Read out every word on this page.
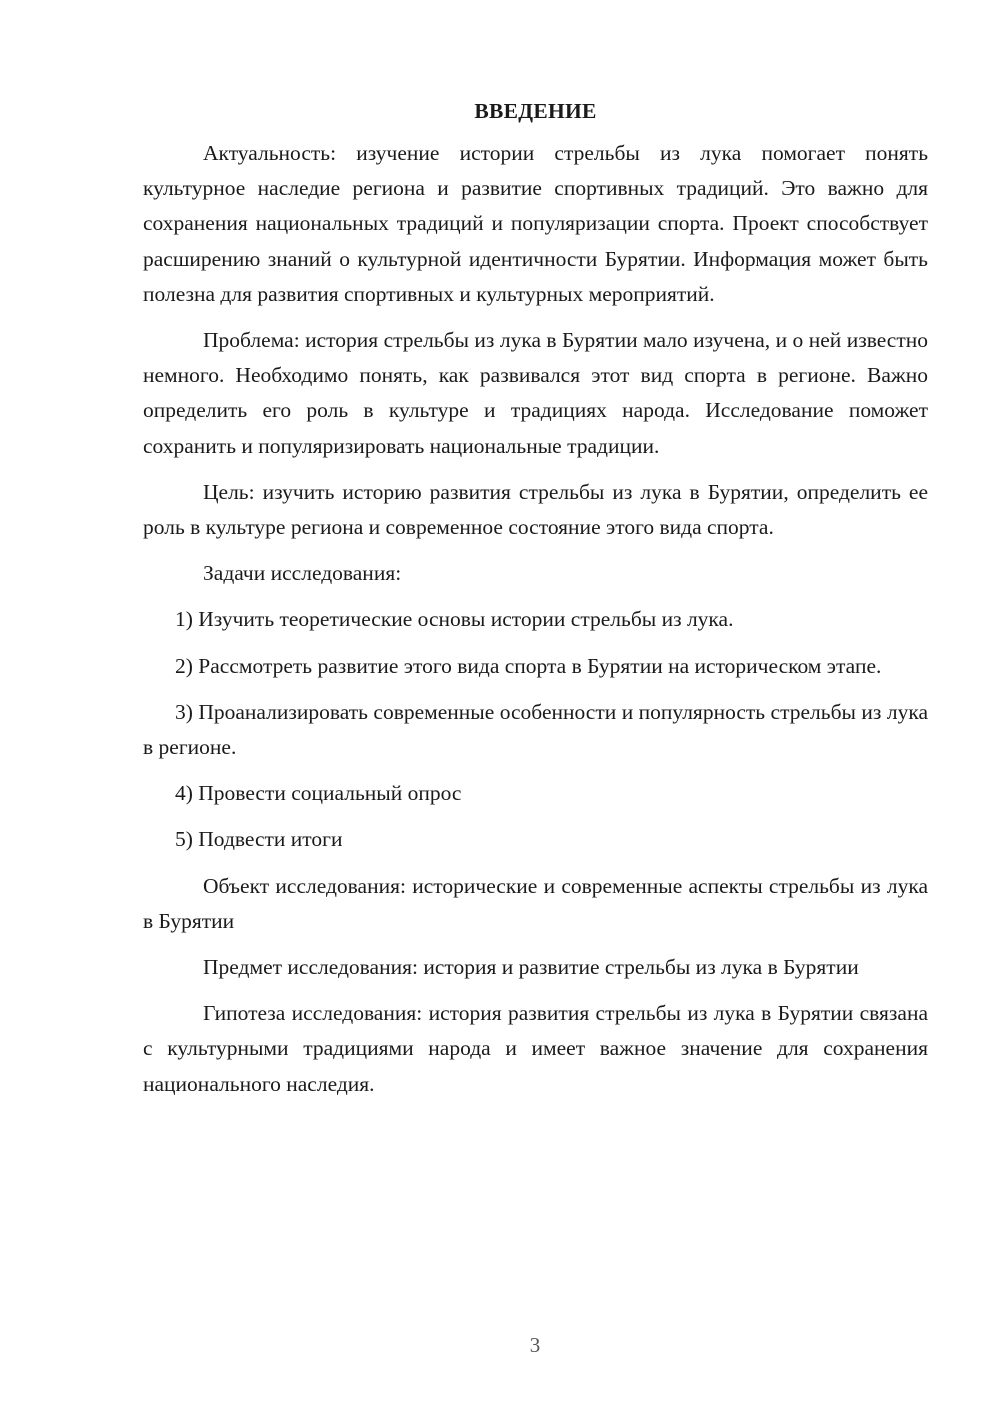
ВВЕДЕНИЕ

Актуальность: изучение истории стрельбы из лука помогает понять культурное наследие региона и развитие спортивных традиций. Это важно для сохранения национальных традиций и популяризации спорта. Проект способствует расширению знаний о культурной идентичности Бурятии. Информация может быть полезна для развития спортивных и культурных мероприятий.

Проблема: история стрельбы из лука в Бурятии мало изучена, и о ней известно немного. Необходимо понять, как развивался этот вид спорта в регионе. Важно определить его роль в культуре и традициях народа. Исследование поможет сохранить и популяризировать национальные традиции.

Цель: изучить историю развития стрельбы из лука в Бурятии, определить ее роль в культуре региона и современное состояние этого вида спорта.

Задачи исследования:

1) Изучить теоретические основы истории стрельбы из лука.

2) Рассмотреть развитие этого вида спорта в Бурятии на историческом этапе.

3) Проанализировать современные особенности и популярность стрельбы из лука в регионе.

4) Провести социальный опрос

5) Подвести итоги

Объект исследования: исторические и современные аспекты стрельбы из лука в Бурятии

Предмет исследования: история и развитие стрельбы из лука в Бурятии

Гипотеза исследования: история развития стрельбы из лука в Бурятии связана с культурными традициями народа и имеет важное значение для сохранения национального наследия.

3
